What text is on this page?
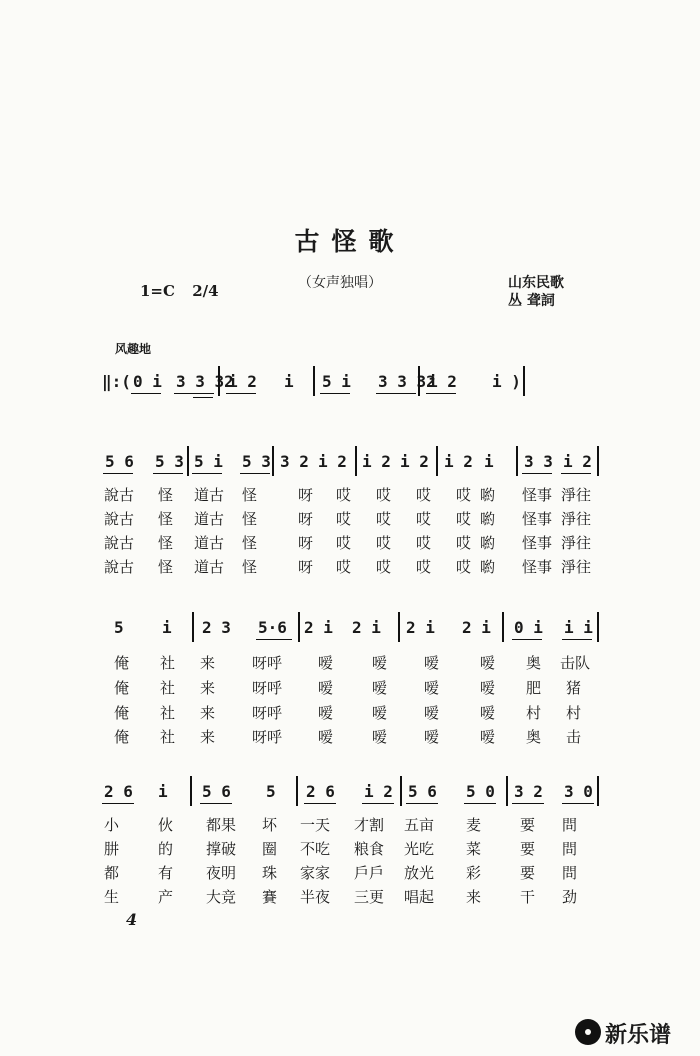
古怪歌
1=C 2/4	（女声独唱）	山东民歌
丛 聋詞
风趣地
‖:( 0 i 3 3 32
i 2 i 5 i 3 3 32
i 2 i )
5 6 5 3 5 i 5 3 3 2 i 2 i 2 i 2 i 2 i 3 3 i 2
說古 怪 道古 怪	呀 哎 哎 哎 哎 喲 怪事 淨往
說古 怪 道古 怪	呀 哎 哎 哎 哎 喲 怪事 淨往
說古 怪 道古 怪	呀 哎 哎 哎 哎 喲 怪事 淨往
說古 怪 道古 怪	呀 哎 哎 哎 哎 喲 怪事 淨往
5 i 2 3 5·6 2 i 2 i 2 i 2 i 0 i i i
俺 社 来 呀呼 嗳	嗳 嗳	嗳 奥 击队
俺 社 来 呀呼 嗳	嗳 嗳	嗳 肥 猪
俺 社 来 呀呼 嗳	嗳 嗳	嗳 村 村
俺 社 来 呀呼 嗳	嗳 嗳	嗳 奥 击
2 6 i 5 6 5 2 6 i 2 5 6 5 0 3 2 3 0
小	伙 都果 坏 一天 才割 五亩 麦	要 問
肼	的 撑破 圈 不吃 粮食 光吃 菜	要 問
都	有 夜明 珠 家家 戶戶 放光 彩	要 問
生	产 大竞 賽 半夜 三更 唱起 来	干 劲
4
新乐谱
